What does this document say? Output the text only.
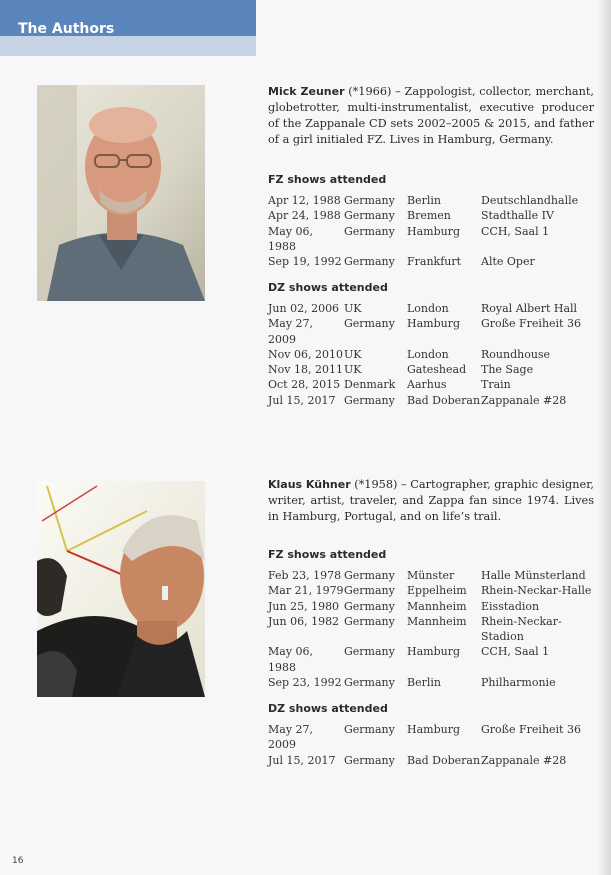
The Authors
Mick Zeuner (*1966) – Zappologist, collector, merchant, globetrotter, multi-instrumentalist, executive producer of the Zappanale CD sets 2002–2005 & 2015, and father of a girl initialed FZ. Lives in Hamburg, Germany.
FZ shows attended
Apr 12, 1988	Germany	Berlin	Deutschlandhalle
Apr 24, 1988	Germany	Bremen	Stadthalle IV
May 06, 1988	Germany	Hamburg	CCH, Saal 1
Sep 19, 1992	Germany	Frankfurt	Alte Oper
DZ shows attended
Jun 02, 2006	UK	London	Royal Albert Hall
May 27, 2009	Germany	Hamburg	Große Freiheit 36
Nov 06, 2010	UK	London	Roundhouse
Nov 18, 2011	UK	Gateshead	The Sage
Oct 28, 2015	Denmark	Aarhus	Train
Jul 15, 2017	Germany	Bad Doberan	Zappanale #28
Klaus Kühner (*1958) – Cartographer, graphic designer, writer, artist, traveler, and Zappa fan since 1974. Lives in Hamburg, Portugal, and on life’s trail.
FZ shows attended
Feb 23, 1978	Germany	Münster	Halle Münsterland
Mar 21, 1979	Germany	Eppelheim	Rhein-Neckar-Halle
Jun 25, 1980	Germany	Mannheim	Eisstadion
Jun 06, 1982	Germany	Mannheim	Rhein-Neckar-Stadion
May 06, 1988	Germany	Hamburg	CCH, Saal 1
Sep 23, 1992	Germany	Berlin	Philharmonie
DZ shows attended
May 27, 2009	Germany	Hamburg	Große Freiheit 36
Jul 15, 2017	Germany	Bad Doberan	Zappanale #28
16
